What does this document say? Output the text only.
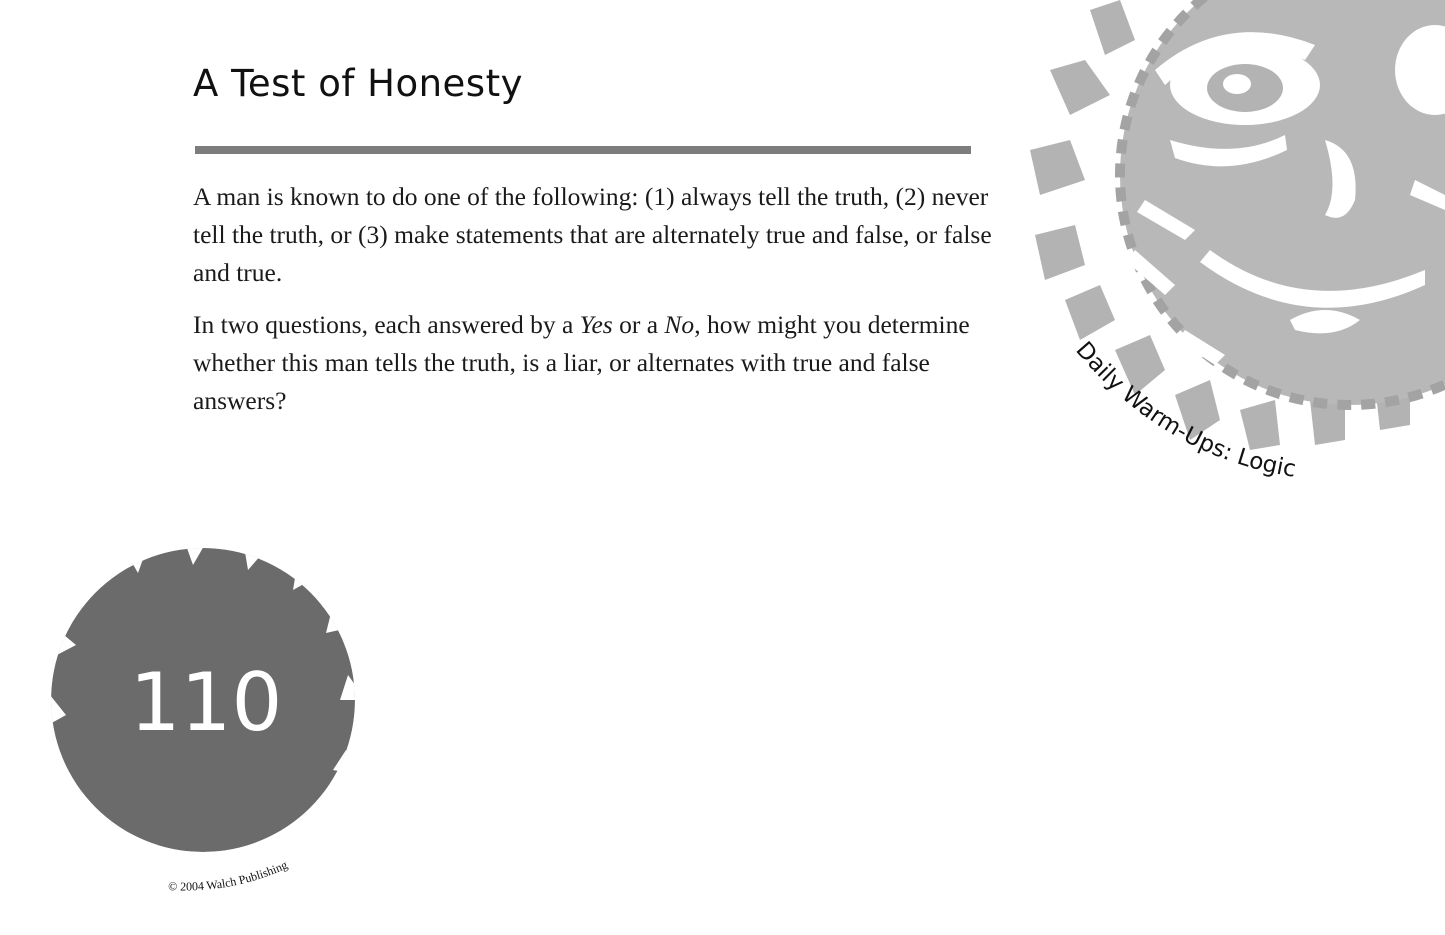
A Test of Honesty

A man is known to do one of the following: (1) always tell the truth, (2) never tell the truth, or (3) make statements that are alternately true and false, or false and true.

In two questions, each answered by a Yes or a No, how might you determine whether this man tells the truth, is a liar, or alternates with true and false answers?

Daily Warm-Ups: Logic
110
© 2004 Walch Publishing
